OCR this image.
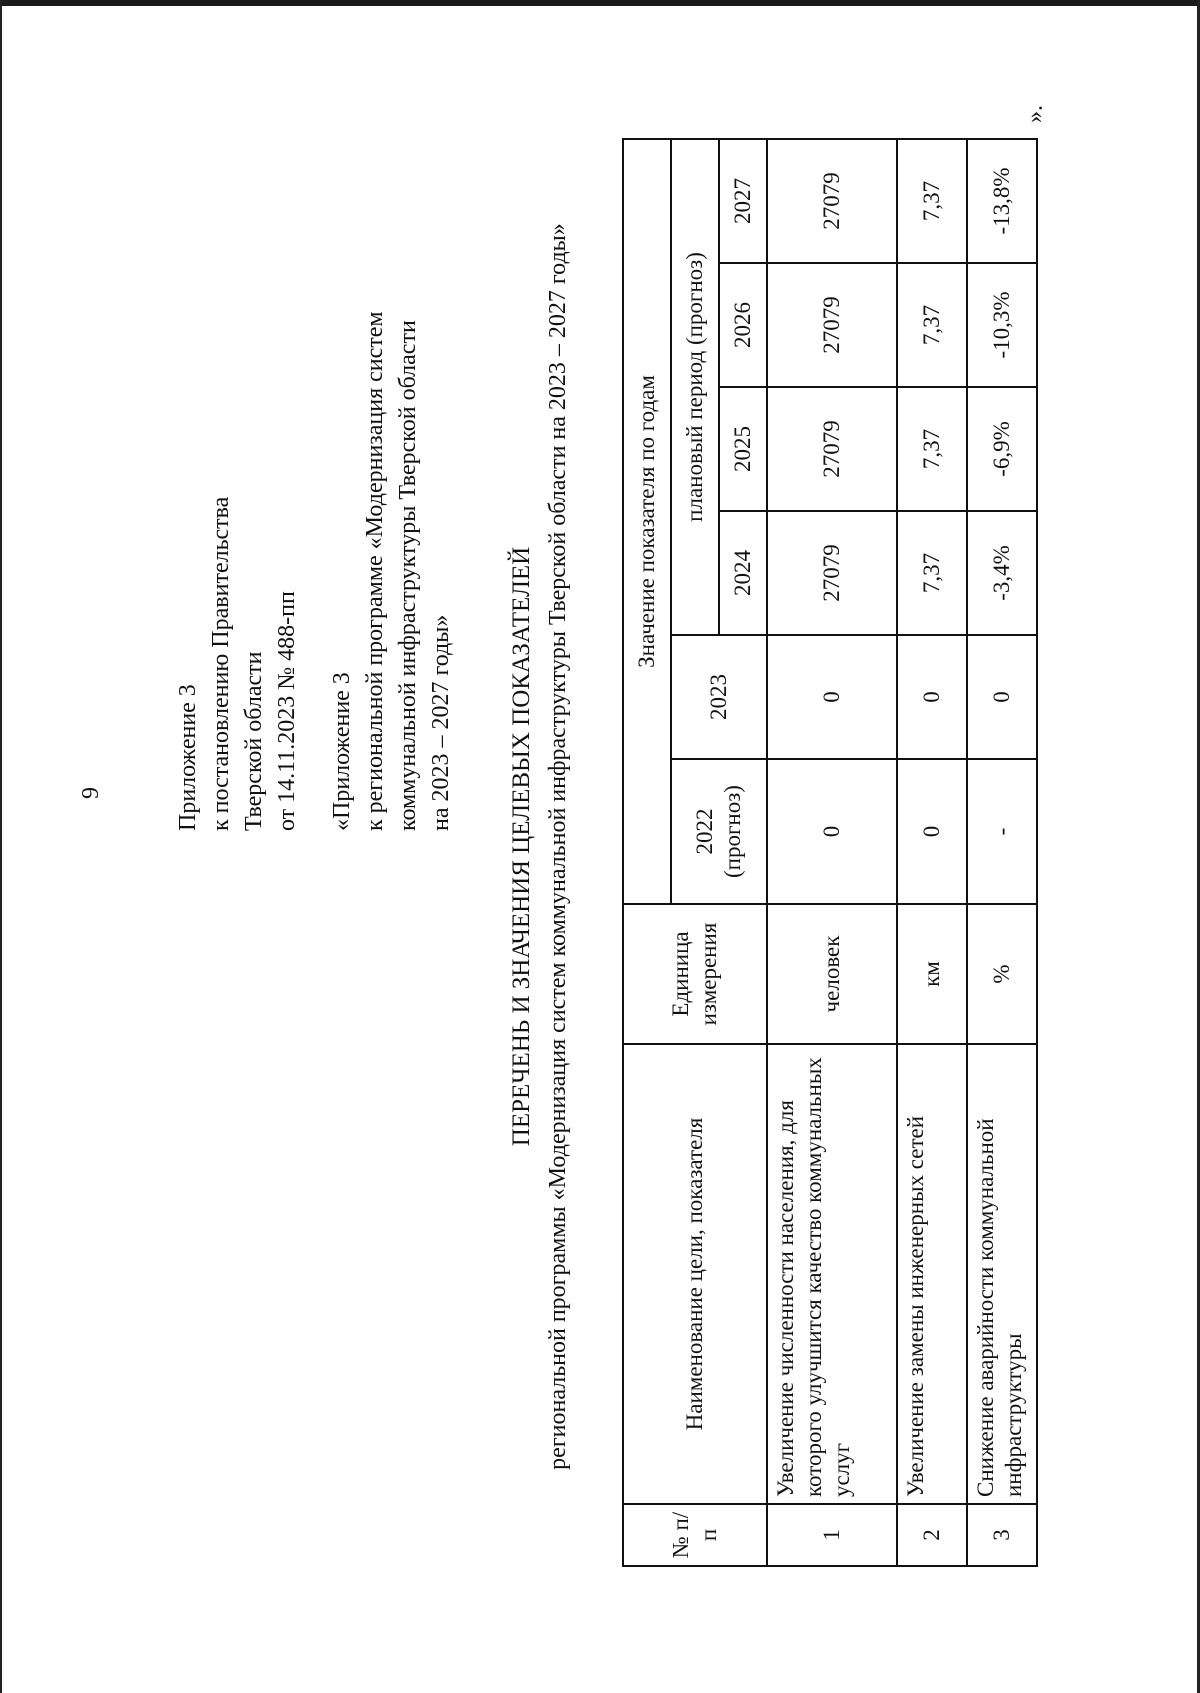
9	Приложение 3 к постановлению Правительства Тверской области от 14.11.2023 № 488-пп «Приложение 3 к региональной программе «Модернизация систем коммунальной инфраструктуры Тверской области на 2023 – 2027 годы» ПЕРЕЧЕНЬ И ЗНАЧЕНИЯ ЦЕЛЕВЫХ ПОКАЗАТЕЛЕЙ региональной программы «Модернизация систем коммунальной инфраструктуры Тверской области на 2023 – 2027 годы»
№ п/п	Наименование цели, показателя	Единица измерения	Значение показателя по годам					

			2022 (прогноз)	2023	плановый период (прогноз)			
					2024	2025	2026	2027
1	Увеличение численности населения, для которого улучшится качество коммунальных услуг	человек	0	0	27079	27079	27079	27079
2	Увеличение замены инженерных сетей	км	0	0	7,37	7,37	7,37	7,37
3	Снижение аварийности коммунальной инфраструктуры	%	-	0	-3,4%	-6,9%	-10,3%	-13,8%
».
